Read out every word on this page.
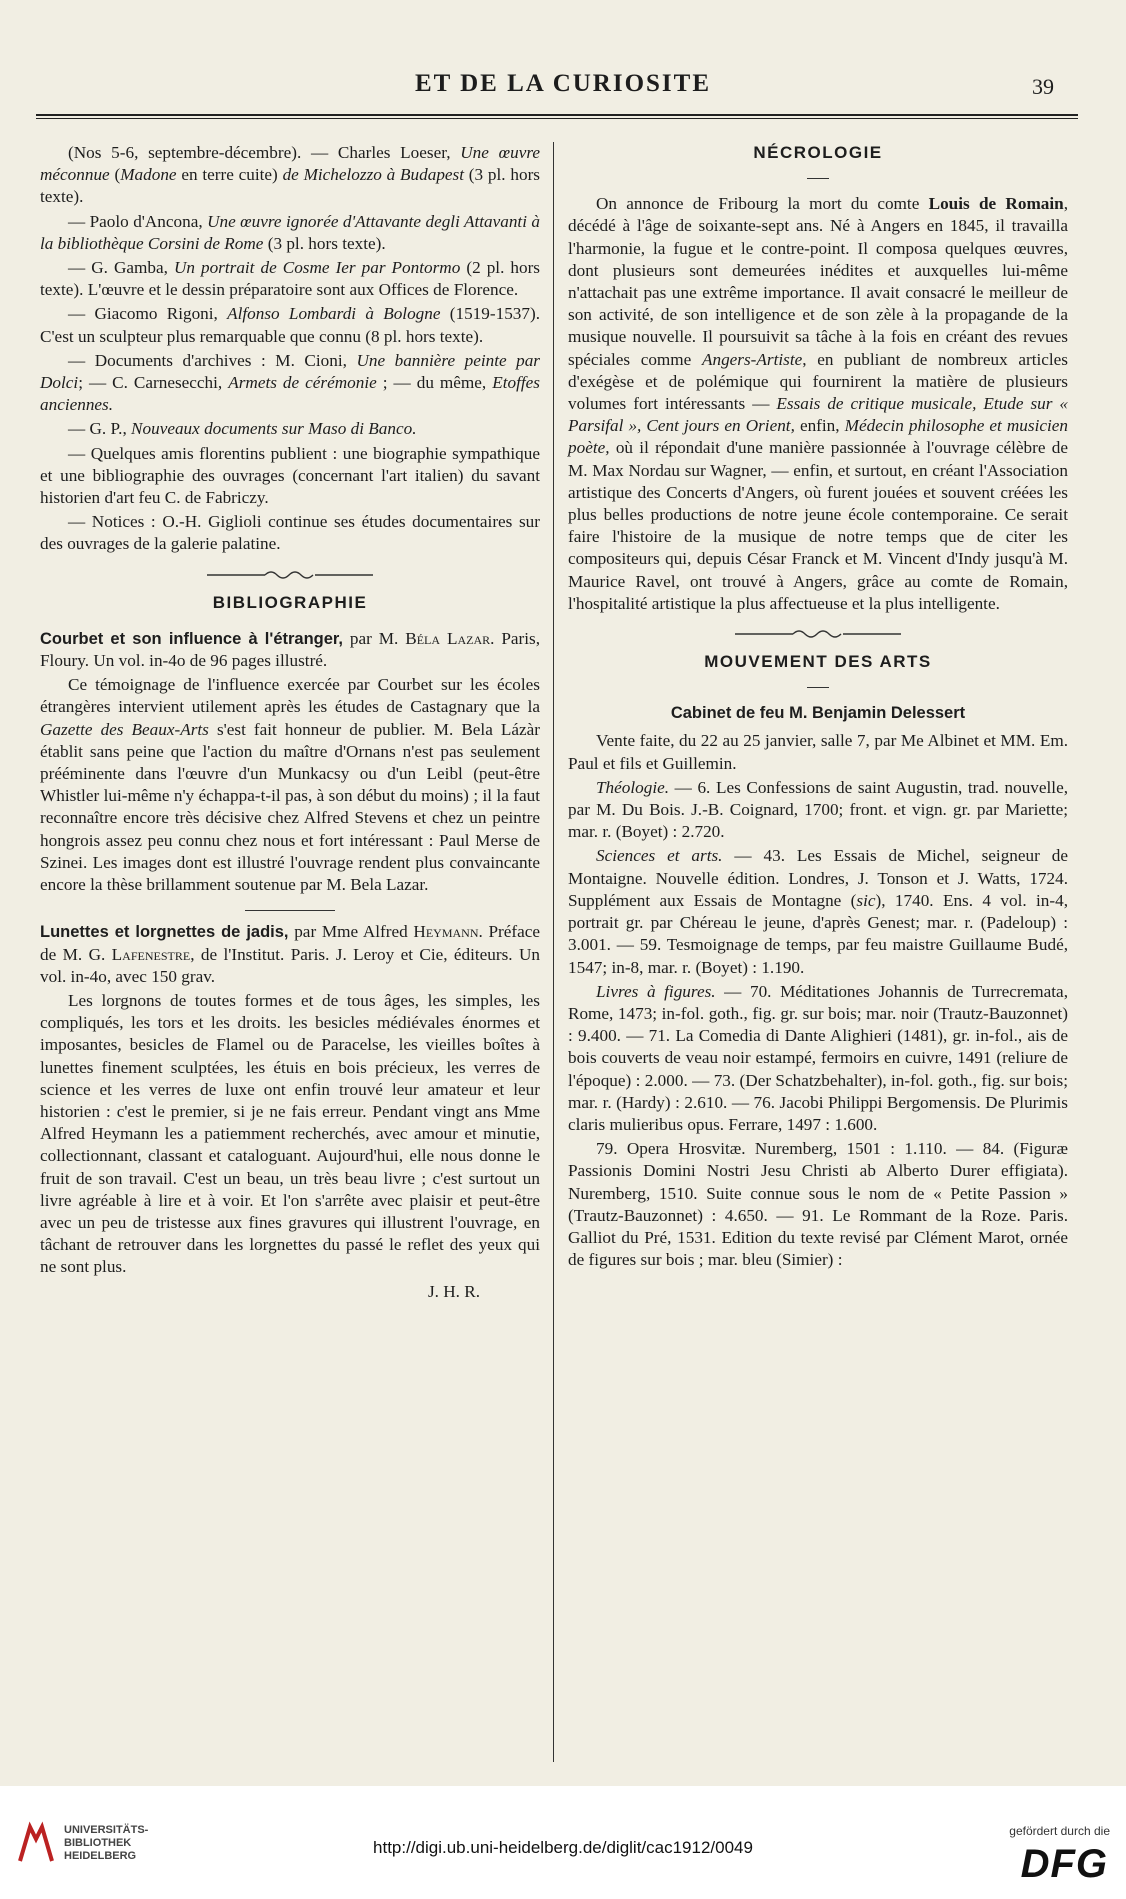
ET DE LA CURIOSITE	39

(Nos 5-6, septembre-décembre). — Charles Loeser, Une œuvre méconnue (Madone en terre cuite) de Michelozzo à Budapest (3 pl. hors texte).

— Paolo d'Ancona, Une œuvre ignorée d'Attavante degli Attavanti à la bibliothèque Corsini de Rome (3 pl. hors texte).

— G. Gamba, Un portrait de Cosme Ier par Pontormo (2 pl. hors texte). L'œuvre et le dessin préparatoire sont aux Offices de Florence.

— Giacomo Rigoni, Alfonso Lombardi à Bologne (1519-1537). C'est un sculpteur plus remarquable que connu (8 pl. hors texte).

— Documents d'archives : M. Cioni, Une bannière peinte par Dolci; — C. Carnesecchi, Armets de cérémonie ; — du même, Etoffes anciennes.

— G. P., Nouveaux documents sur Maso di Banco.

— Quelques amis florentins publient : une biographie sympathique et une bibliographie des ouvrages (concernant l'art italien) du savant historien d'art feu C. de Fabriczy.

— Notices : O.-H. Giglioli continue ses études documentaires sur des ouvrages de la galerie palatine.

BIBLIOGRAPHIE

Courbet et son influence à l'étranger, par M. Béla Lazar. Paris, Floury. Un vol. in-4o de 96 pages illustré.

Ce témoignage de l'influence exercée par Courbet sur les écoles étrangères intervient utilement après les études de Castagnary que la Gazette des Beaux-Arts s'est fait honneur de publier. M. Bela Lázàr établit sans peine que l'action du maître d'Ornans n'est pas seulement prééminente dans l'œuvre d'un Munkacsy ou d'un Leibl (peut-être Whistler lui-même n'y échappa-t-il pas, à son début du moins) ; il la faut reconnaître encore très décisive chez Alfred Stevens et chez un peintre hongrois assez peu connu chez nous et fort intéressant : Paul Merse de Szinei. Les images dont est illustré l'ouvrage rendent plus convaincante encore la thèse brillamment soutenue par M. Bela Lazar.

Lunettes et lorgnettes de jadis, par Mme Alfred Heymann. Préface de M. G. Lafenestre, de l'Institut. Paris. J. Leroy et Cie, éditeurs. Un vol. in-4o, avec 150 grav.

Les lorgnons de toutes formes et de tous âges, les simples, les compliqués, les tors et les droits. les besicles médiévales énormes et imposantes, besicles de Flamel ou de Paracelse, les vieilles boîtes à lunettes finement sculptées, les étuis en bois précieux, les verres de science et les verres de luxe ont enfin trouvé leur amateur et leur historien : c'est le premier, si je ne fais erreur. Pendant vingt ans Mme Alfred Heymann les a patiemment recherchés, avec amour et minutie, collectionnant, classant et cataloguant. Aujourd'hui, elle nous donne le fruit de son travail. C'est un beau, un très beau livre ; c'est surtout un livre agréable à lire et à voir. Et l'on s'arrête avec plaisir et peut-être avec un peu de tristesse aux fines gravures qui illustrent l'ouvrage, en tâchant de retrouver dans les lorgnettes du passé le reflet des yeux qui ne sont plus.

J. H. R.
NÉCROLOGIE

On annonce de Fribourg la mort du comte Louis de Romain, décédé à l'âge de soixante-sept ans. Né à Angers en 1845, il travailla l'harmonie, la fugue et le contre-point. Il composa quelques œuvres, dont plusieurs sont demeurées inédites et auxquelles lui-même n'attachait pas une extrême importance. Il avait consacré le meilleur de son activité, de son intelligence et de son zèle à la propagande de la musique nouvelle. Il poursuivit sa tâche à la fois en créant des revues spéciales comme Angers-Artiste, en publiant de nombreux articles d'exégèse et de polémique qui fournirent la matière de plusieurs volumes fort intéressants — Essais de critique musicale, Etude sur « Parsifal », Cent jours en Orient, enfin, Médecin philosophe et musicien poète, où il répondait d'une manière passionnée à l'ouvrage célèbre de M. Max Nordau sur Wagner, — enfin, et surtout, en créant l'Association artistique des Concerts d'Angers, où furent jouées et souvent créées les plus belles productions de notre jeune école contemporaine. Ce serait faire l'histoire de la musique de notre temps que de citer les compositeurs qui, depuis César Franck et M. Vincent d'Indy jusqu'à M. Maurice Ravel, ont trouvé à Angers, grâce au comte de Romain, l'hospitalité artistique la plus affectueuse et la plus intelligente.

MOUVEMENT DES ARTS
Cabinet de feu M. Benjamin Delessert

Vente faite, du 22 au 25 janvier, salle 7, par Me Albinet et MM. Em. Paul et fils et Guillemin.

Théologie. — 6. Les Confessions de saint Augustin, trad. nouvelle, par M. Du Bois. J.-B. Coignard, 1700; front. et vign. gr. par Mariette; mar. r. (Boyet) : 2.720.

Sciences et arts. — 43. Les Essais de Michel, seigneur de Montaigne. Nouvelle édition. Londres, J. Tonson et J. Watts, 1724. Supplément aux Essais de Montagne (sic), 1740. Ens. 4 vol. in-4, portrait gr. par Chéreau le jeune, d'après Genest; mar. r. (Padeloup) : 3.001. — 59. Tesmoignage de temps, par feu maistre Guillaume Budé, 1547; in-8, mar. r. (Boyet) : 1.190.

Livres à figures. — 70. Méditationes Johannis de Turrecremata, Rome, 1473; in-fol. goth., fig. gr. sur bois; mar. noir (Trautz-Bauzonnet) : 9.400. — 71. La Comedia di Dante Alighieri (1481), gr. in-fol., ais de bois couverts de veau noir estampé, fermoirs en cuivre, 1491 (reliure de l'époque) : 2.000. — 73. (Der Schatzbehalter), in-fol. goth., fig. sur bois; mar. r. (Hardy) : 2.610. — 76. Jacobi Philippi Bergomensis. De Plurimis claris mulieribus opus. Ferrare, 1497 : 1.600.

79. Opera Hrosvitæ. Nuremberg, 1501 : 1.110. — 84. (Figuræ Passionis Domini Nostri Jesu Christi ab Alberto Durer effigiata). Nuremberg, 1510. Suite connue sous le nom de « Petite Passion » (Trautz-Bauzonnet) : 4.650. — 91. Le Rommant de la Roze. Paris. Galliot du Pré, 1531. Edition du texte revisé par Clément Marot, ornée de figures sur bois ; mar. bleu (Simier) :

UNIVERSITÄTS-
BIBLIOTHEK
HEIDELBERG	http://digi.ub.uni-heidelberg.de/diglit/cac1912/0049
gefördert durch die
DFG
